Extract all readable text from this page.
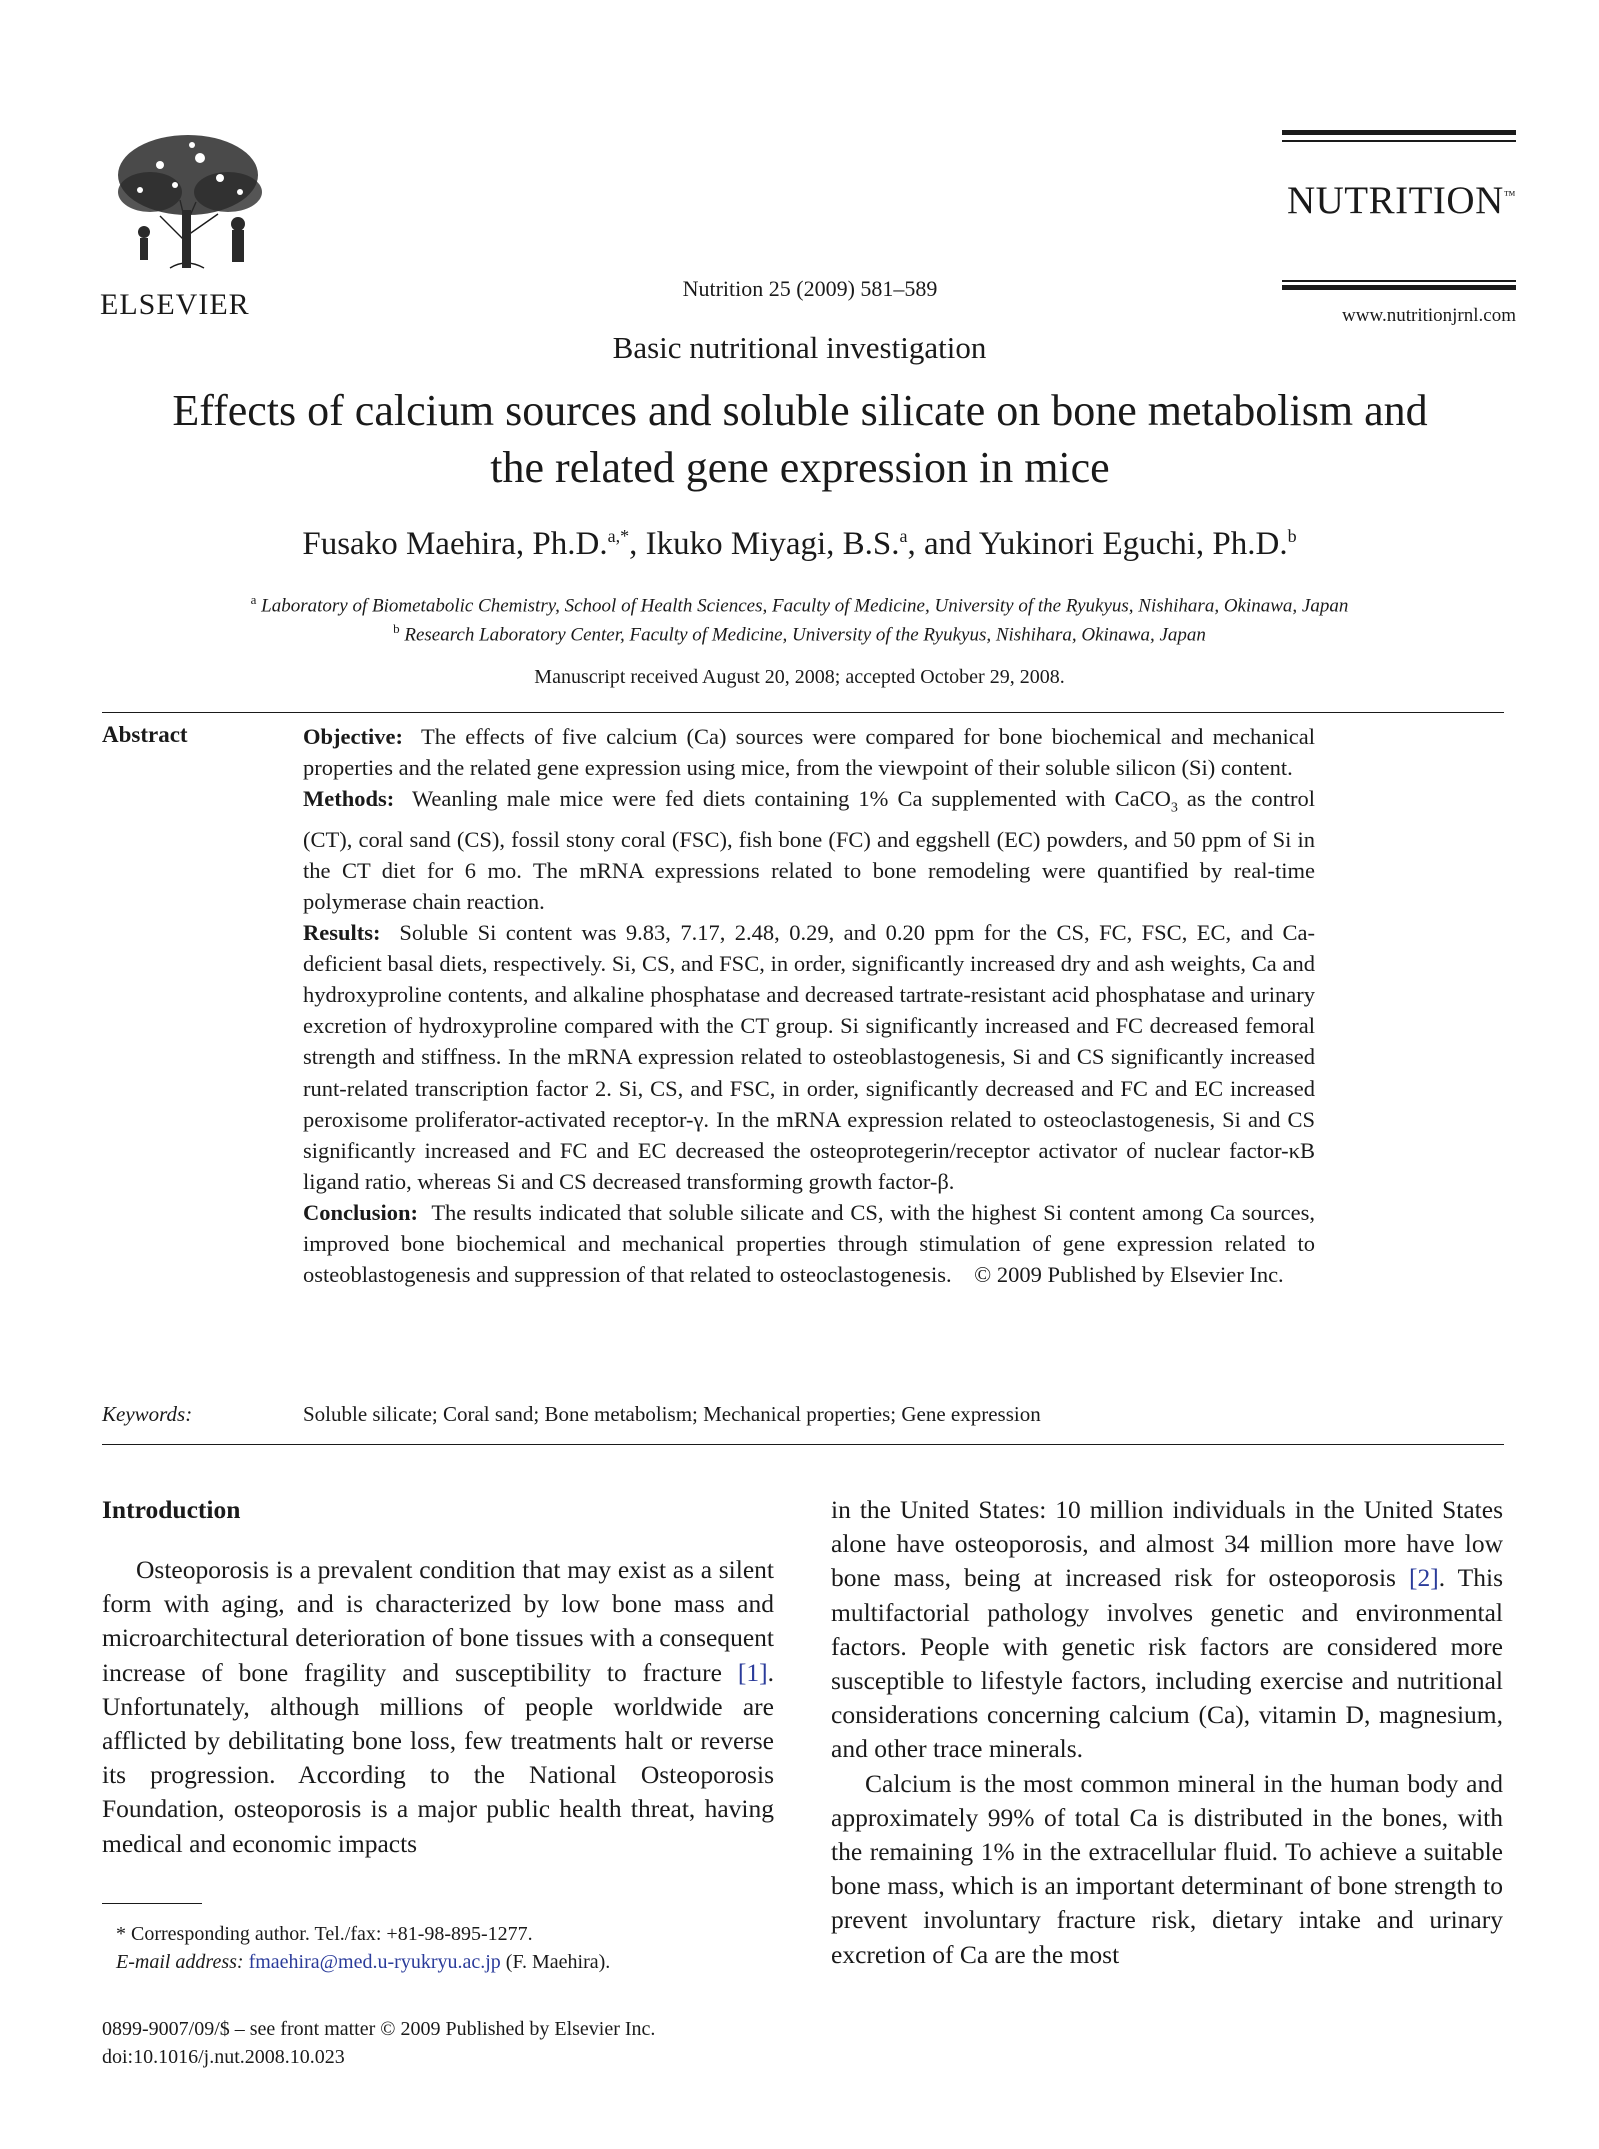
ELSEVIER	Nutrition 25 (2009) 581–589
NUTRITION™
www.nutritionjrnl.com
Basic nutritional investigation
Effects of calcium sources and soluble silicate on bone metabolism and
the related gene expression in mice
Fusako Maehira, Ph.D.$^{a,*}$, Ikuko Miyagi, B.S.$^a$, and Yukinori Eguchi, Ph.D.$^b$
$^a$ Laboratory of Biometabolic Chemistry, School of Health Sciences, Faculty of Medicine, University of the Ryukyus, Nishihara, Okinawa, Japan
$^b$ Research Laboratory Center, Faculty of Medicine, University of the Ryukyus, Nishihara, Okinawa, Japan
Manuscript received August 20, 2008; accepted October 29, 2008.
Abstract	Objective: The effects of five calcium (Ca) sources were compared for bone biochemical and mechanical properties and the related gene expression using mice, from the viewpoint of their soluble silicon (Si) content.

Methods: Weanling male mice were fed diets containing 1% Ca supplemented with CaCO$_3$ as the control (CT), coral sand (CS), fossil stony coral (FSC), fish bone (FC) and eggshell (EC) powders, and 50 ppm of Si in the CT diet for 6 mo. The mRNA expressions related to bone remodeling were quantified by real-time polymerase chain reaction.

Results: Soluble Si content was 9.83, 7.17, 2.48, 0.29, and 0.20 ppm for the CS, FC, FSC, EC, and Ca-deficient basal diets, respectively. Si, CS, and FSC, in order, significantly increased dry and ash weights, Ca and hydroxyproline contents, and alkaline phosphatase and decreased tartrate-resistant acid phosphatase and urinary excretion of hydroxyproline compared with the CT group. Si significantly increased and FC decreased femoral strength and stiffness. In the mRNA expression related to osteoblastogenesis, Si and CS significantly increased runt-related transcription factor 2. Si, CS, and FSC, in order, significantly decreased and FC and EC increased peroxisome proliferator-activated receptor-γ. In the mRNA expression related to osteoclastogenesis, Si and CS significantly increased and FC and EC decreased the osteoprotegerin/receptor activator of nuclear factor-κB ligand ratio, whereas Si and CS decreased transforming growth factor-β.

Conclusion: The results indicated that soluble silicate and CS, with the highest Si content among Ca sources, improved bone biochemical and mechanical properties through stimulation of gene expression related to osteoblastogenesis and suppression of that related to osteoclastogenesis. © 2009 Published by Elsevier Inc.

Keywords:	Soluble silicate; Coral sand; Bone metabolism; Mechanical properties; Gene expression
Introduction

Osteoporosis is a prevalent condition that may exist as a silent form with aging, and is characterized by low bone mass and microarchitectural deterioration of bone tissues with a consequent increase of bone fragility and susceptibility to fracture [1]. Unfortunately, although millions of people worldwide are afflicted by debilitating bone loss, few treatments halt or reverse its progression. According to the National Osteoporosis Foundation, osteoporosis is a major public health threat, having medical and economic impacts

in the United States: 10 million individuals in the United States alone have osteoporosis, and almost 34 million more have low bone mass, being at increased risk for osteoporosis [2]. This multifactorial pathology involves genetic and environmental factors. People with genetic risk factors are considered more susceptible to lifestyle factors, including exercise and nutritional considerations concerning calcium (Ca), vitamin D, magnesium, and other trace minerals.

Calcium is the most common mineral in the human body and approximately 99% of total Ca is distributed in the bones, with the remaining 1% in the extracellular fluid. To achieve a suitable bone mass, which is an important determinant of bone strength to prevent involuntary fracture risk, dietary intake and urinary excretion of Ca are the most

* Corresponding author. Tel./fax: +81-98-895-1277.
E-mail address: fmaehira@med.u-ryukryu.ac.jp (F. Maehira).
0899-9007/09/$ – see front matter © 2009 Published by Elsevier Inc.
doi:10.1016/j.nut.2008.10.023
